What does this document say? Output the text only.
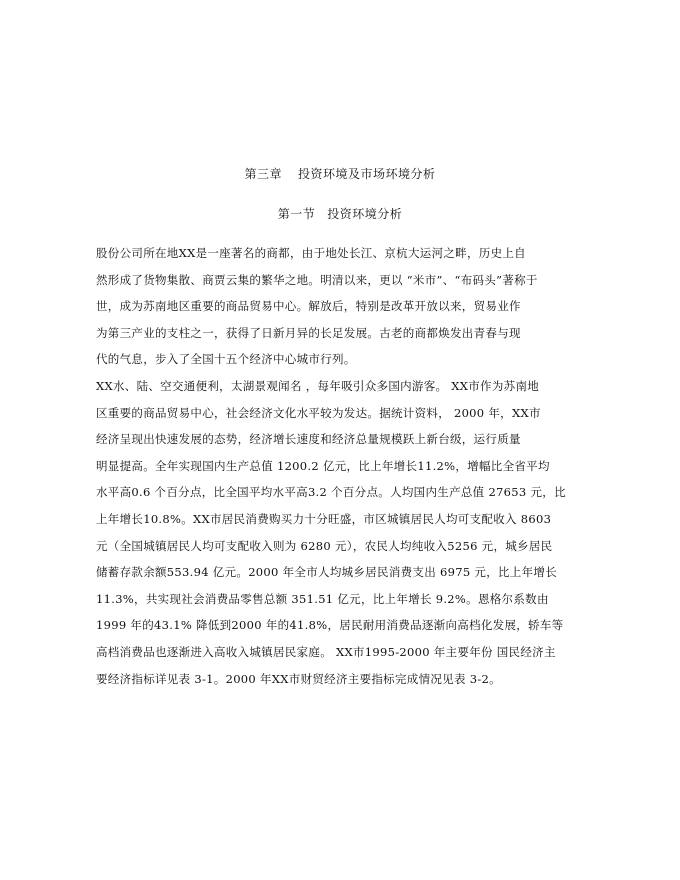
第三章 投资环境及市场环境分析
第一节 投资环境分析
股份公司所在地XX是一座著名的商都，由于地处长江、京杭大运河之畔，历史上自
然形成了货物集散、商贾云集的繁华之地。明清以来，更以 “米市”、“布码头”著称于
世，成为苏南地区重要的商品贸易中心。解放后，特别是改革开放以来，贸易业作
为第三产业的支柱之一，获得了日新月异的长足发展。古老的商都焕发出青春与现
代的气息，步入了全国十五个经济中心城市行列。
XX水、陆、空交通便利，太湖景观闻名 ，每年吸引众多国内游客。 XX市作为苏南地
区重要的商品贸易中心，社会经济文化水平较为发达。据统计资料， 2000 年，XX市
经济呈现出快速发展的态势，经济增长速度和经济总量规模跃上新台级，运行质量
明显提高。全年实现国内生产总值 1200.2 亿元，比上年增长11.2%，增幅比全省平均
水平高0.6 个百分点，比全国平均水平高3.2 个百分点。人均国内生产总值 27653 元，比
上年增长10.8%。XX市居民消费购买力十分旺盛，市区城镇居民人均可支配收入 8603
元（全国城镇居民人均可支配收入则为 6280 元），农民人均纯收入5256 元，城乡居民
储蓄存款余额553.94 亿元。2000 年全市人均城乡居民消费支出 6975 元，比上年增长
11.3%，共实现社会消费品零售总额 351.51 亿元，比上年增长 9.2%。恩格尔系数由
1999 年的43.1% 降低到2000 年的41.8%，居民耐用消费品逐渐向高档化发展，轿车等
高档消费品也逐渐进入高收入城镇居民家庭。 XX市1995-2000 年主要年份 国民经济主
要经济指标详见表 3-1。2000 年XX市财贸经济主要指标完成情况见表 3-2。
